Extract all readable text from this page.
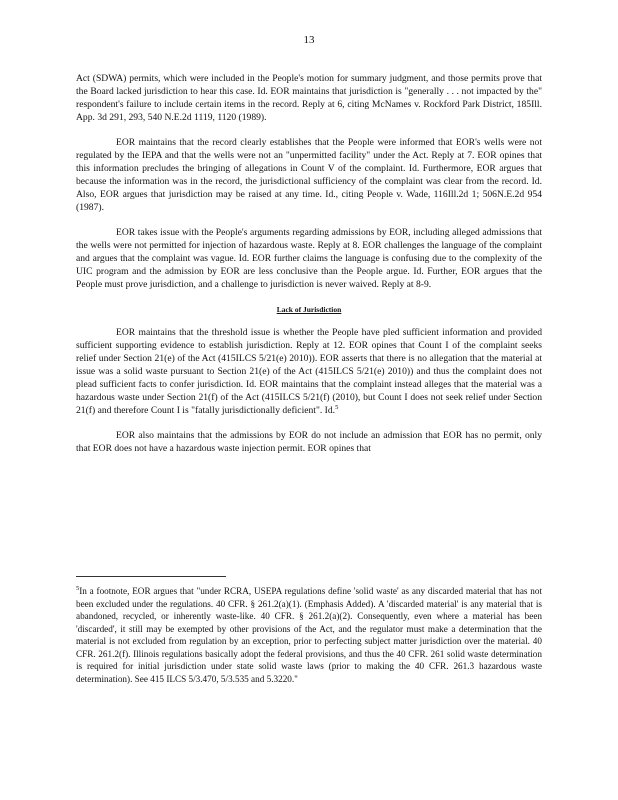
13

Act (SDWA) permits, which were included in the People's motion for summary judgment, and those permits prove that the Board lacked jurisdiction to hear this case. Id. EOR maintains that jurisdiction is "generally . . . not impacted by the" respondent's failure to include certain items in the record. Reply at 6, citing McNames v. Rockford Park District, 185Ill. App. 3d 291, 293, 540 N.E.2d 1119, 1120 (1989).

EOR maintains that the record clearly establishes that the People were informed that EOR's wells were not regulated by the IEPA and that the wells were not an "unpermitted facility" under the Act. Reply at 7. EOR opines that this information precludes the bringing of allegations in Count V of the complaint. Id. Furthermore, EOR argues that because the information was in the record, the jurisdictional sufficiency of the complaint was clear from the record. Id. Also, EOR argues that jurisdiction may be raised at any time. Id., citing People v. Wade, 116Ill.2d 1; 506N.E.2d 954 (1987).

EOR takes issue with the People's arguments regarding admissions by EOR, including alleged admissions that the wells were not permitted for injection of hazardous waste. Reply at 8. EOR challenges the language of the complaint and argues that the complaint was vague. Id. EOR further claims the language is confusing due to the complexity of the UIC program and the admission by EOR are less conclusive than the People argue. Id. Further, EOR argues that the People must prove jurisdiction, and a challenge to jurisdiction is never waived. Reply at 8-9.

Lack of Jurisdiction

EOR maintains that the threshold issue is whether the People have pled sufficient information and provided sufficient supporting evidence to establish jurisdiction. Reply at 12. EOR opines that Count I of the complaint seeks relief under Section 21(e) of the Act (415ILCS 5/21(e) 2010)). EOR asserts that there is no allegation that the material at issue was a solid waste pursuant to Section 21(e) of the Act (415ILCS 5/21(e) 2010)) and thus the complaint does not plead sufficient facts to confer jurisdiction. Id. EOR maintains that the complaint instead alleges that the material was a hazardous waste under Section 21(f) of the Act (415ILCS 5/21(f) (2010), but Count I does not seek relief under Section 21(f) and therefore Count I is "fatally jurisdictionally deficient". Id.$^5$

EOR also maintains that the admissions by EOR do not include an admission that EOR has no permit, only that EOR does not have a hazardous waste injection permit. EOR opines that

$^5$In a footnote, EOR argues that "under RCRA, USEPA regulations define 'solid waste' as any discarded material that has not been excluded under the regulations. 40 CFR. § 261.2(a)(1). (Emphasis Added). A 'discarded material' is any material that is abandoned, recycled, or inherently waste-like. 40 CFR. § 261.2(a)(2). Consequently, even where a material has been 'discarded', it still may be exempted by other provisions of the Act, and the regulator must make a determination that the material is not excluded from regulation by an exception, prior to perfecting subject matter jurisdiction over the material. 40 CFR. 261.2(f). Illinois regulations basically adopt the federal provisions, and thus the 40 CFR. 261 solid waste determination is required for initial jurisdiction under state solid waste laws (prior to making the 40 CFR. 261.3 hazardous waste determination). See 415 ILCS 5/3.470, 5/3.535 and 5.3220."
